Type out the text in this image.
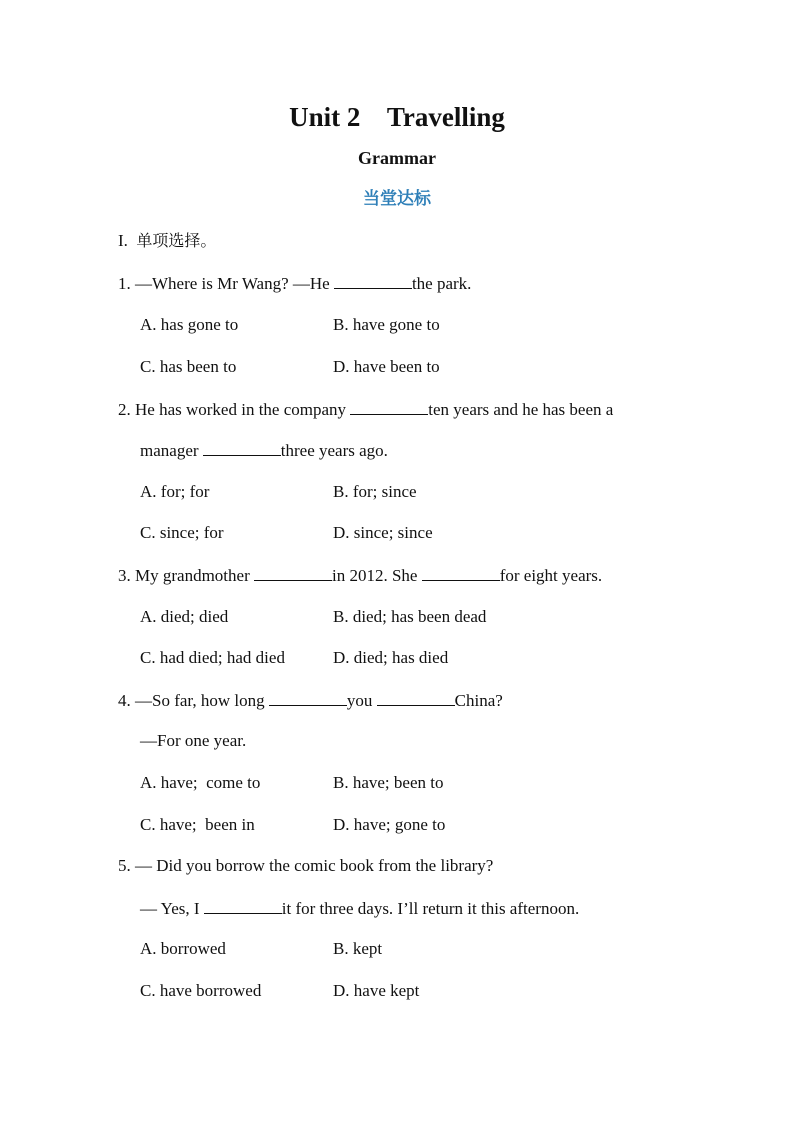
Unit 2    Travelling
Grammar
当堂达标
I. 单项选择。
1. —Where is Mr Wang? —He	the park.
A. has gone to	B. have gone to
C. has been to	D. have been to
2. He has worked in the company	ten years and he has been a
manager	three years ago.
A. for; for	B. for; since
C. since; for	D. since; since
3. My grandmother	in 2012. She	for eight years.
A. died; died	B. died; has been dead
C. had died; had died	D. died; has died
4. —So far, how long	you	China?
—For one year.
A. have;  come to	B. have; been to
C. have;  been in	D. have; gone to
5. — Did you borrow the comic book from the library?
— Yes, I	it for three days. I’ll return it this afternoon.
A. borrowed	B. kept
C. have borrowed	D. have kept
